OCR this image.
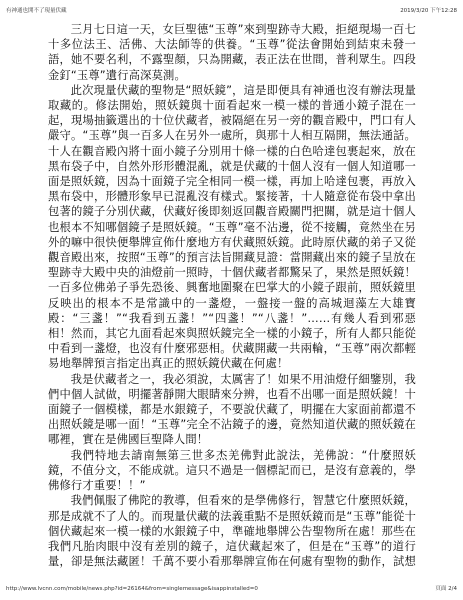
有神通也開不了現量伏藏	2019/3/20 下午12:28

三月七日這一天，女巨聖德“玉尊”來到聖跡寺大殿，拒絕現場一百七十多位法王、活佛、大法師等的供養。“玉尊”從法會開始到結束未發一語，她不要名利，不露聖顏，只為開藏，表正法在世間，普利眾生。四段金釘“玉尊”遺行高深莫測。

此次現量伏藏的聖物是“照妖鏡”，這是即便具有神通也沒有辦法現量取藏的。修法開始，照妖鏡與十面看起來一模一樣的普通小鏡子混在一起，現場抽籤選出的十位伏藏者，被隔絕在另一旁的觀音殿中，門口有人嚴守。“玉尊”與一百多人在另外一處所，與那十人相互隔開，無法通話。十人在觀音殿內將十面小鏡子分別用十條一樣的白色哈達包裹起來，放在黑布袋子中，自然外形形體混亂，就是伏藏的十個人沒有一個人知道哪一面是照妖鏡，因為十面鏡子完全相同一模一樣，再加上哈達包裹，再放入黑布袋中，形體形象早已混亂沒有樣式。緊接著，十人隨意從布袋中拿出包著的鏡子分別伏藏，伏藏好後即刻返回觀音殿關門把關，就是這十個人也根本不知哪個鏡子是照妖鏡。“玉尊”毫不沾邊，從不接觸，竟然坐在另外的嘛中很快便舉牌宣佈什麼地方有伏藏照妖鏡。此時原伏藏的弟子又從觀音殿出來，按照“玉尊”的預言法旨開藏見證：當開藏出來的鏡子呈放在聖跡寺大殿中央的油燈前一照時，十個伏藏者都驚呆了，果然是照妖鏡！一百多位佛弟子爭先恐後、興奮地圍聚在巴掌大的小鏡子跟前，照妖鏡里反映出的根本不是常識中的一盞燈，一盤接一盤的高城迴藻左大雄寶殿：“三盞！”“我看到五盞！”“四盞！”“八盞！”……有幾人看到邪惡相！然而，其它九面看起來與照妖鏡完全一樣的小鏡子，所有人都只能從中看到一盞燈，也沒有什麼邪惡相。伏藏開藏一共兩輪，“玉尊”兩次都輕易地舉牌預言指定出真正的照妖鏡伏藏在何處！

我是伏藏者之一，我必須說，太厲害了！如果不用油燈仔細鑒別，我們中個人試做，明擺著靜開大眼睛來分辨，也看不出哪一面是照妖鏡！十面鏡子一個模樣，都是水銀鏡子，不要說伏藏了，明擺在大家面前都還不出照妖鏡是哪一面！“玉尊”完全不沾鏡子的邊，竟然知道伏藏的照妖鏡在哪裡，實在是佛國巨聖降人間！

我們特地去請南無第三世多杰羌佛對此說法，羌佛說：“什麼照妖鏡，不值分文，不能成就。這只不過是一個標記而已，是沒有意義的，學佛修行才重要！！”

我們佩服了佛陀的教導，但看來的是學佛修行，智慧它什麼照妖鏡，那是成就不了人的。而現量伏藏的法義重點不是照妖鏡而是“玉尊”能從十個伏藏起來一模一樣的水銀鏡子中，準確地舉牌公告聖物所在處！那些在我們凡胎肉眼中沒有差別的鏡子，這伏藏起來了，但是在“玉尊”的道行量，卻是無法藏匿！千萬不要小看那舉牌宣佈在何處有聖物的動作，試想

http://www.lvcnn.com/mobile/news.php?id=26164&from=singlemessage&isappinstalled=0	頁面 2/4
